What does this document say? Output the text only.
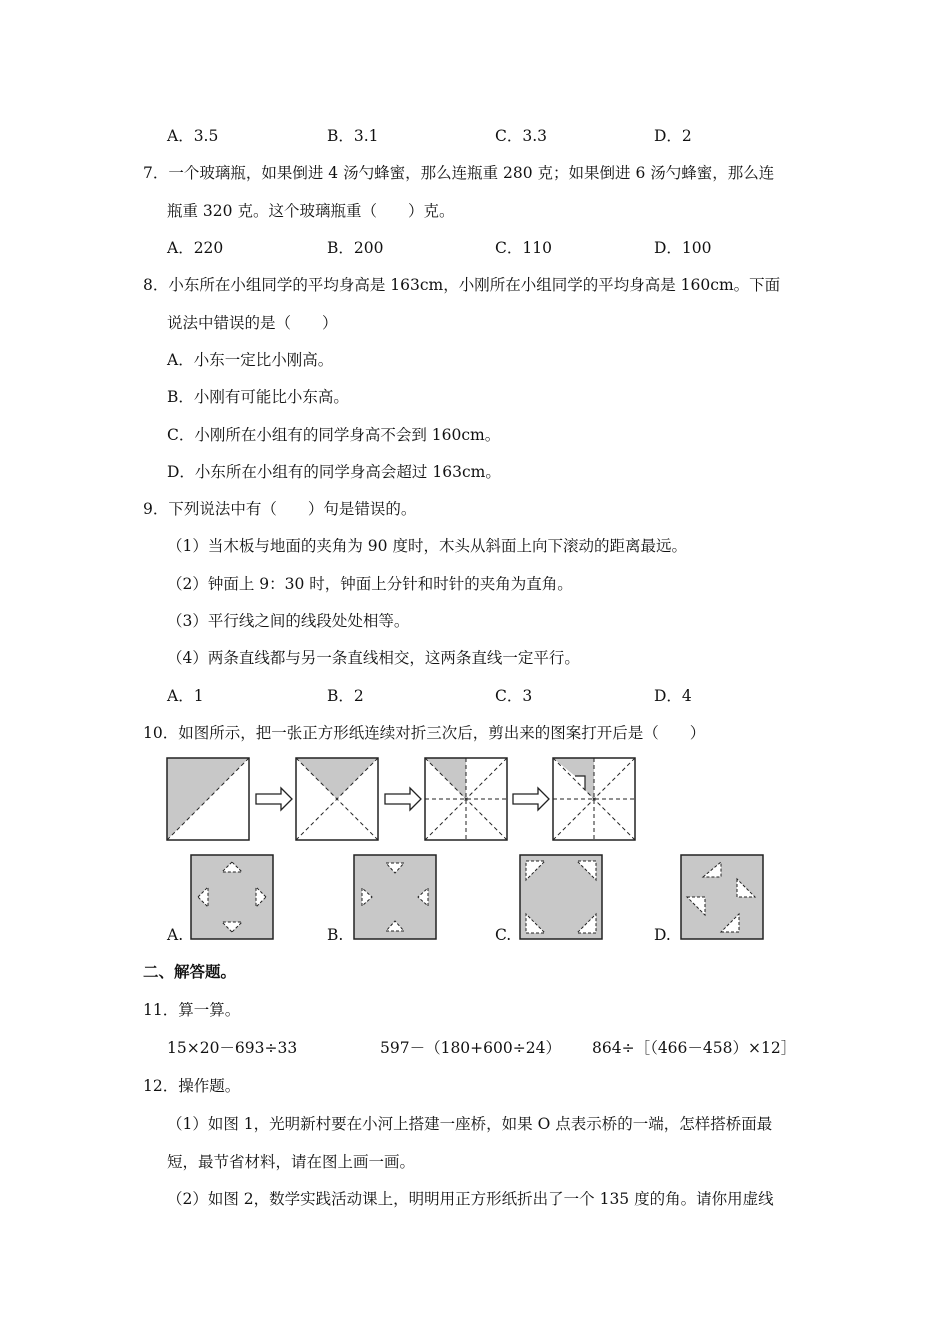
A．3.5	B．3.1	C．3.3	D．2
7．一个玻璃瓶，如果倒进 4 汤勺蜂蜜，那么连瓶重 280 克；如果倒进 6 汤勺蜂蜜，那么连
瓶重 320 克。这个玻璃瓶重（　　）克。
A．220	B．200	C．110	D．100
8．小东所在小组同学的平均身高是 163cm，小刚所在小组同学的平均身高是 160cm。下面
说法中错误的是（　　）
A．小东一定比小刚高。
B．小刚有可能比小东高。
C．小刚所在小组有的同学身高不会到 160cm。
D．小东所在小组有的同学身高会超过 163cm。
9．下列说法中有（　　）句是错误的。
（1）当木板与地面的夹角为 90 度时，木头从斜面上向下滚动的距离最远。
（2）钟面上 9：30 时，钟面上分针和时针的夹角为直角。
（3）平行线之间的线段处处相等。
（4）两条直线都与另一条直线相交，这两条直线一定平行。
A．1	B．2	C．3	D．4
10．如图所示，把一张正方形纸连续对折三次后，剪出来的图案打开后是（　　）
A.	B.	C.	D.
二、解答题。
11．算一算。
15×20－693÷33	597－（180+600÷24） 864÷［（466－458）×12］
12．操作题。
（1）如图 1，光明新村要在小河上搭建一座桥，如果 O 点表示桥的一端，怎样搭桥面最
短，最节省材料，请在图上画一画。
（2）如图 2，数学实践活动课上，明明用正方形纸折出了一个 135 度的角。请你用虚线
